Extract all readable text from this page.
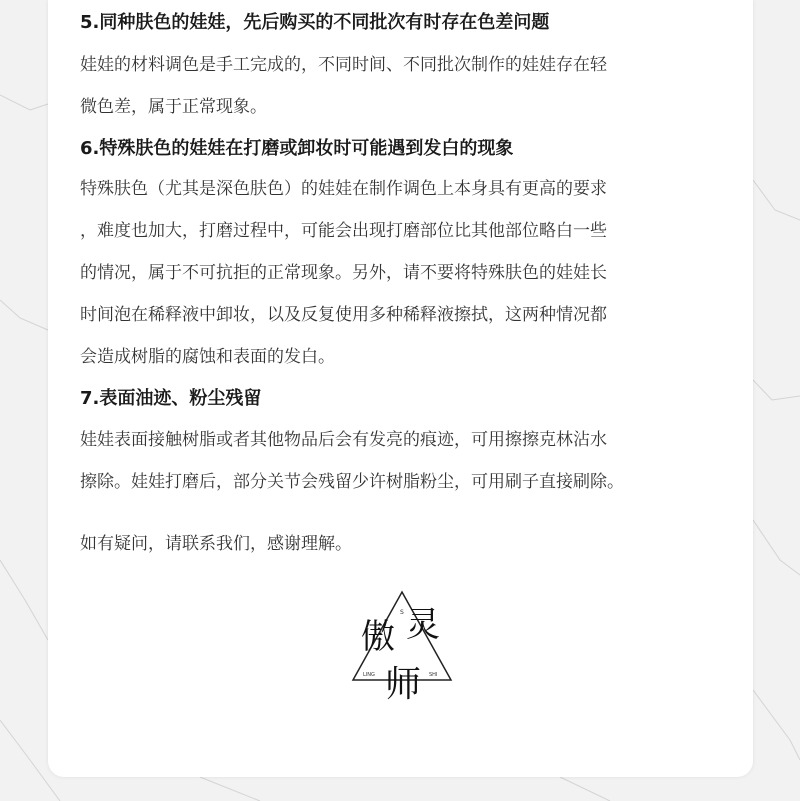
5.同种肤色的娃娃，先后购买的不同批次有时存在色差问题
娃娃的材料调色是手工完成的，不同时间、不同批次制作的娃娃存在轻
微色差，属于正常现象。
6.特殊肤色的娃娃在打磨或卸妆时可能遇到发白的现象
特殊肤色（尤其是深色肤色）的娃娃在制作调色上本身具有更高的要求
，难度也加大，打磨过程中，可能会出现打磨部位比其他部位略白一些
的情况，属于不可抗拒的正常现象。另外，请不要将特殊肤色的娃娃长
时间泡在稀释液中卸妆，以及反复使用多种稀释液擦拭，这两种情况都
会造成树脂的腐蚀和表面的发白。
7.表面油迹、粉尘残留
娃娃表面接触树脂或者其他物品后会有发亮的痕迹，可用擦擦克林沾水
擦除。娃娃打磨后，部分关节会残留少许树脂粉尘，可用刷子直接刷除。
如有疑问，请联系我们，感谢理解。
傲 灵
师
S
LING	SHI
